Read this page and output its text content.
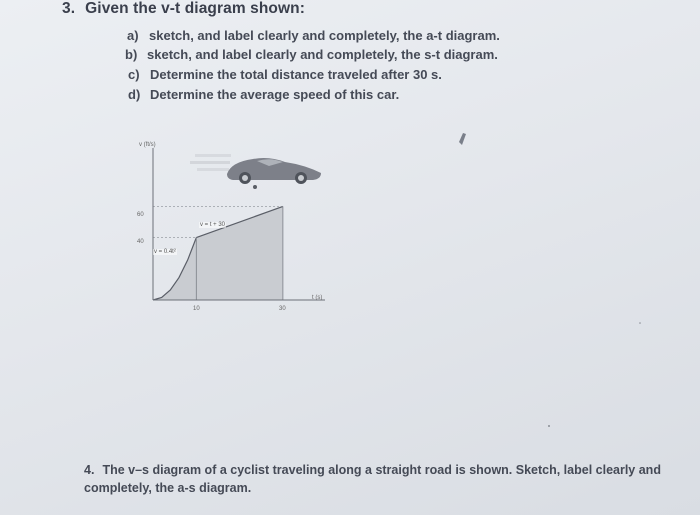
3. Given the v-t diagram shown:
a) sketch, and label clearly and completely, the a-t diagram.
b) sketch, and label clearly and completely, the s-t diagram.
c) Determine the total distance traveled after 30 s.
d) Determine the average speed of this car.
v (ft/s)
t (s)
60
40
10	30
v = 0.4t²
v = t + 30
4. The v–s diagram of a cyclist traveling along a straight road is shown. Sketch, label clearly and completely, the a-s diagram.
